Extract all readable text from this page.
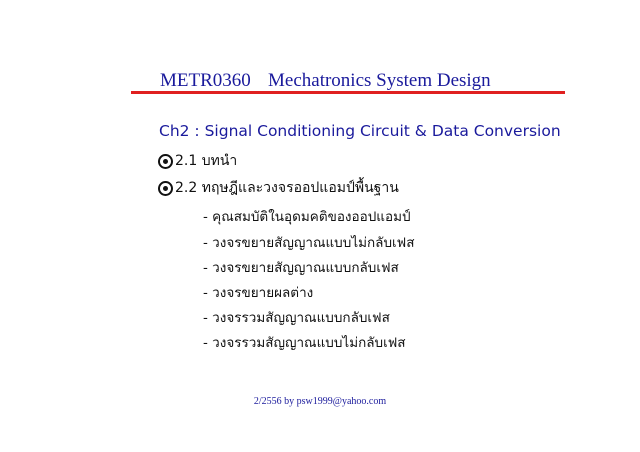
METR0360 Mechatronics System Design
Ch2 : Signal Conditioning Circuit & Data Conversion
2.1 บทนำ
2.2 ทฤษฎีและวงจรออปแอมป์พื้นฐาน
- คุณสมบัติในอุดมคติของออปแอมป์
- วงจรขยายสัญญาณแบบไม่กลับเฟส
- วงจรขยายสัญญาณแบบกลับเฟส
- วงจรขยายผลต่าง
- วงจรรวมสัญญาณแบบกลับเฟส
- วงจรรวมสัญญาณแบบไม่กลับเฟส
2/2556 by psw1999@yahoo.com
